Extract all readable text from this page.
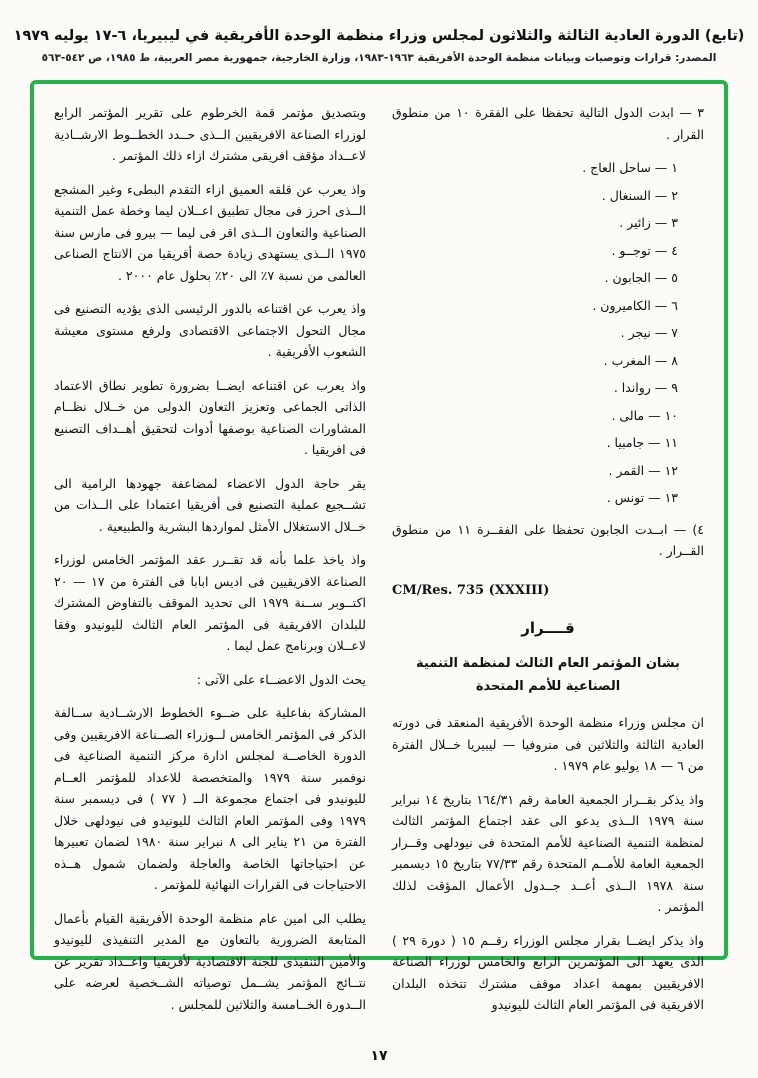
(تابع) الدورة العادية الثالثة والثلاثون لمجلس وزراء منظمة الوحدة الأفريقية في ليبيريا، ٦-١٧ يوليه ١٩٧٩
المصدر: قرارات وتوصيات وبيانات منظمة الوحدة الأفريقية ١٩٦٣-١٩٨٣، وزارة الخارجية، جمهورية مصر العربية، ط ١٩٨٥، ص ٥٤٢-٥٦٣

٣ — ابدت الدول التالية تحفظا على الفقرة ١٠ من منطوق القرار .

١ — ساحل العاج .
٢ — السنغال .
٣ — زائير .
٤ — توجــو .
٥ — الجابون .
٦ — الكاميرون .
٧ — نيجر .
٨ — المغرب .
٩ — رواندا .
١٠ — مالى .
١١ — جامبيا .
١٢ — القمر .
١٣ — تونس .

٤) — ابــدت الجابون تحفظا على الفقــرة ١١ من منطوق القــرار .

CM/Res. 735 (XXXIII)
قــــرار
بشان المؤتمر العام الثالث لمنظمة التنمية
الصناعية للأمم المتحدة

ان مجلس وزراء منظمة الوحدة الأفريقية المنعقد فى دورته العادية الثالثة والثلاثين فى منروفيا — ليبيريا خــلال الفترة من ٦ — ١٨ يوليو عام ١٩٧٩ .

واذ يذكر بقــرار الجمعية العامة رقم ١٦٤/٣١ بتاريخ ١٤ نبراير سنة ١٩٧٩ الــذى يدعو الى عقد اجتماع المؤتمر الثالث لمنظمة التنمية الصناعية للأمم المتحدة فى نيودلهى وقــرار الجمعية العامة للأمــم المتحدة رقم ٧٧/٣٣ بتاريخ ١٥ ديسمبر سنة ١٩٧٨ الــذى أعــد جــدول الأعمال المؤقت لذلك المؤتمر .

واذ يذكر ايضــا بقرار مجلس الوزراء رقــم ١٥ ( دورة ٢٩ ) الذى يعهد الى المؤتمرين الرابع والخامس لوزراء الصناعة الافريقيين بمهمة اعداد موقف مشترك تتخذه البلدان الافريقية فى المؤتمر العام الثالث لليونيدو

وبتصديق مؤتمر قمة الخرطوم على تقرير المؤتمر الرابع لوزراء الصناعة الافريقيين الــذى حــدد الخطــوط الارشــادية لاعــداد مؤقف افريقى مشترك ازاء ذلك المؤتمر .

واذ يعرب عن قلقه العميق ازاء التقدم البطىء وغير المشجع الــذى احرز فى مجال تطبيق اعــلان ليما وخطة عمل التنمية الصناعية والتعاون الــذى اقر فى ليما — بيرو فى مارس سنة ١٩٧٥ الــذى يستهدى زيادة حصة أفريقيا من الانتاج الصناعى العالمى من نسبة ٧٪ الى ٢٠٪ بحلول عام ٢٠٠٠ .

واذ يعرب عن اقتناعه بالدور الرئيسى الذى يؤديه التصنيع فى مجال التحول الاجتماعى الاقتصادى ولرفع مستوى معيشة الشعوب الأفريقية .

واذ يعرب عن اقتناعه ايضــا بضرورة تطوير نطاق الاعتماد الذاتى الجماعى وتعزيز التعاون الدولى من خــلال نظــام المشاورات الصناعية بوصفها أدوات لتحقيق أهــداف التصنيع فى افريقيا .

يقر حاجة الدول الاعضاء لمضاعفة جهودها الرامية الى تشــجيع عملية التصنيع فى أفريقيا اعتمادا على الــذات من خــلال الاستغلال الأمثل لمواردها البشرية والطبيعية .

واذ ياخذ علما بأنه قد تقــرر عقد المؤتمر الخامس لوزراء الصناعة الافريقيين فى اديس ابابا فى الفترة من ١٧ — ٢٠ اكتــوبر ســنة ١٩٧٩ الى تحديد الموقف بالتفاوض المشترك للبلدان الافريقية فى المؤتمر العام الثالث لليونيدو وفقا لاعــلان وبرنامج عمل ليما .

يحث الدول الاعضــاء على الآتى :

المشاركة بفاعلية على ضــوء الخطوط الارشــادية ســالفة الذكر فى المؤتمر الخامس لــوزراء الصــناعة الافريقيين وفى الدورة الخاصــة لمجلس ادارة مركز التنمية الصناعية فى نوفمبر سنة ١٩٧٩ والمتخصصة للاعداد للمؤتمر العــام لليونيدو فى اجتماع مجموعة الــ ( ٧٧ ) فى ديسمبر سنة ١٩٧٩ وفى المؤتمر العام الثالث لليونيدو فى نيودلهى خلال الفترة من ٢١ يناير الى ٨ نبراير سنة ١٩٨٠ لضمان تعبيرها عن احتياجاتها الخاصة والعاجلة ولضمان شمول هــذه الاحتياجات فى القرارات النهائية للمؤتمر .

يطلب الى امين عام منظمة الوحدة الأفريقية القيام بأعمال المتابعة الضرورية بالتعاون مع المدير التنفيذى لليونيدو والأمين التنفيذى للجنة الاقتصادية لأفريقيا واعــداد تقرير عن نتــائج المؤتمر يشــمل توصياته الشــخصية لعرضه على الــدورة الخــامسة والثلاثين للمجلس .

١٧
